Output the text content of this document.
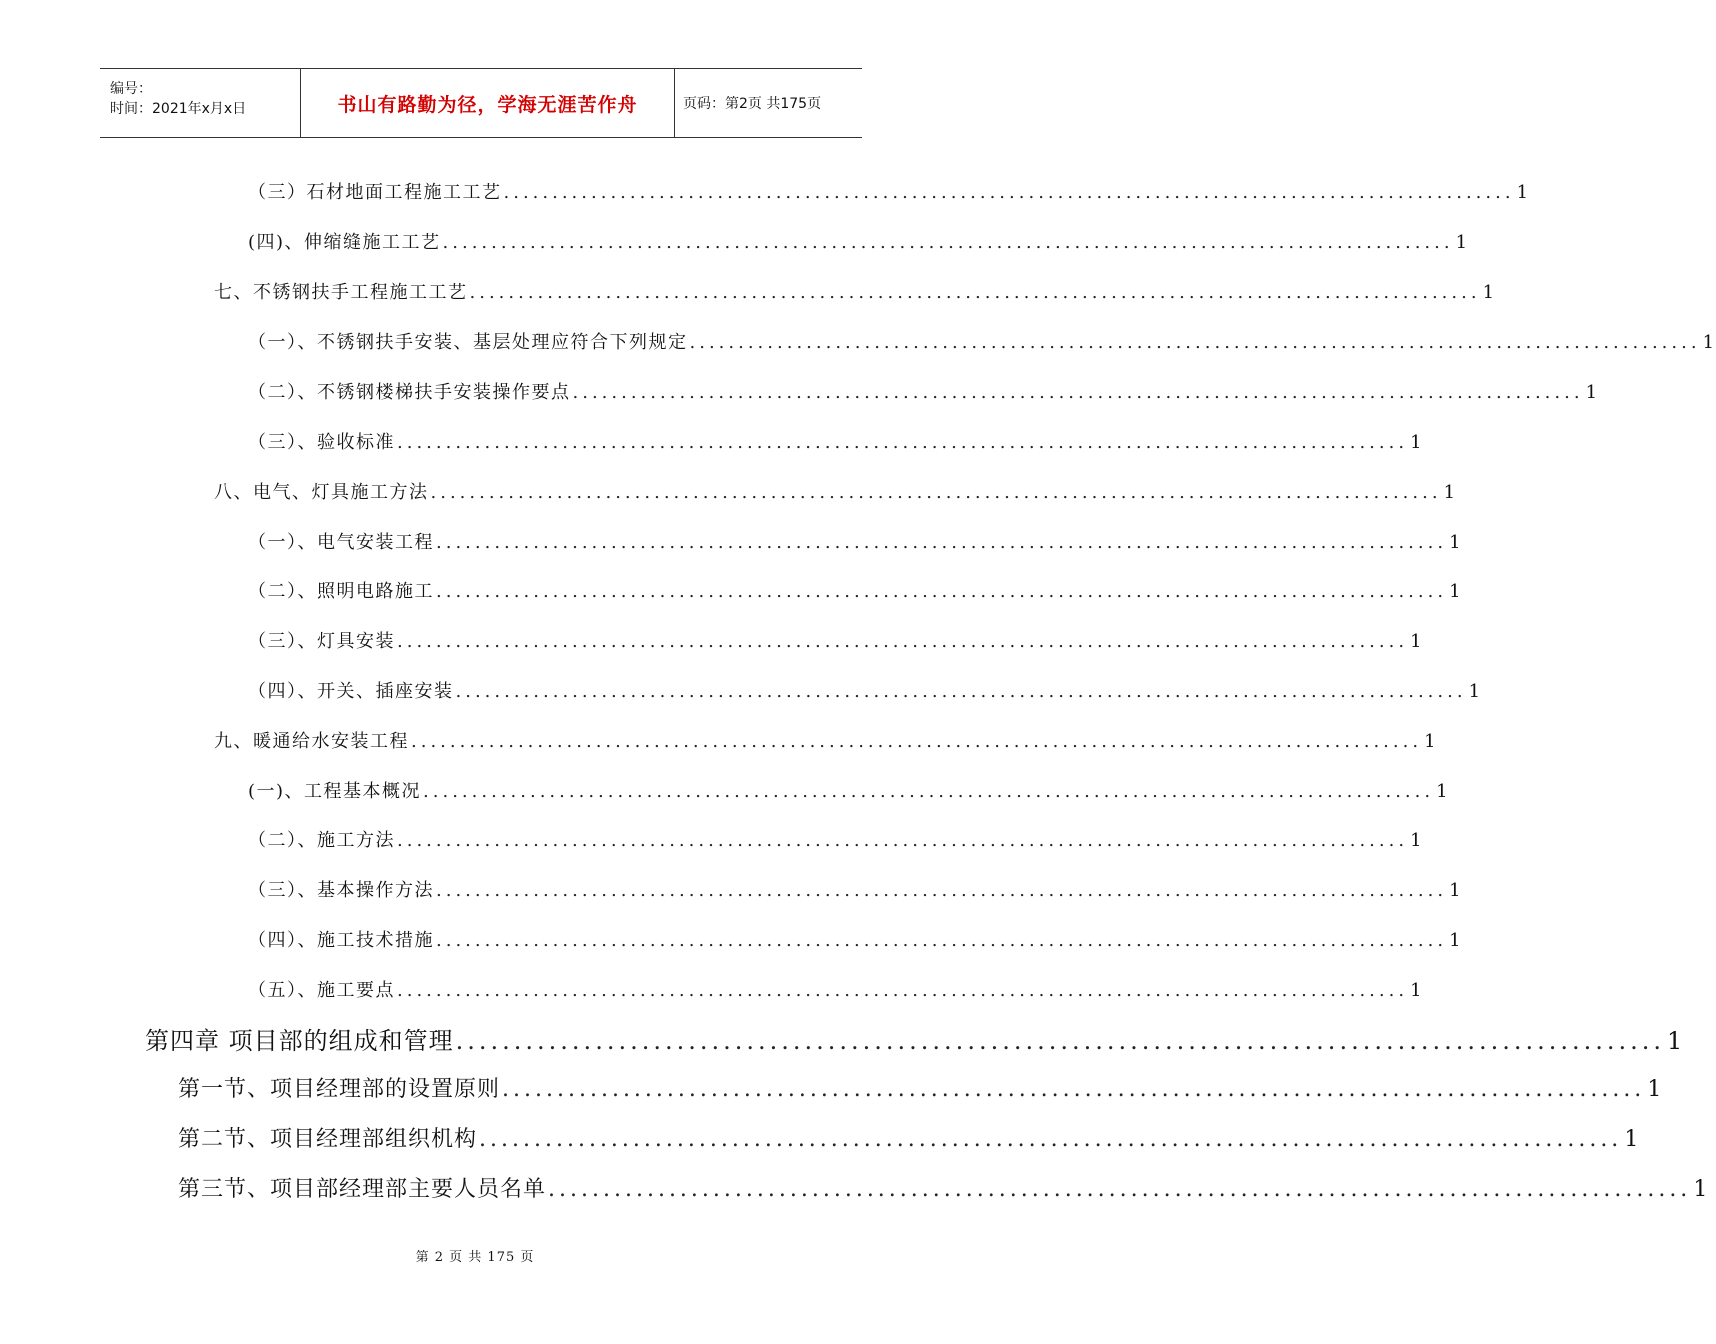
编号：
时间：2021年x月x日	书山有路勤为径，学海无涯苦作舟	页码：第2页 共175页
（三）石材地面工程施工工艺 ........................................................................................................ 1
(四)、伸缩缝施工工艺 ........................................................................................................ 1
七、不锈钢扶手工程施工工艺 ........................................................................................................ 1
（一）、不锈钢扶手安装、基层处理应符合下列规定 ........................................................................................................ 1
（二）、不锈钢楼梯扶手安装操作要点 ........................................................................................................ 1
（三）、验收标准 ........................................................................................................ 1
八、电气、灯具施工方法 ........................................................................................................ 1
（一）、电气安装工程 ........................................................................................................ 1
（二）、照明电路施工 ........................................................................................................ 1
（三）、灯具安装 ........................................................................................................ 1
（四）、开关、插座安装 ........................................................................................................ 1
九、暖通给水安装工程 ........................................................................................................ 1
(一)、工程基本概况 ........................................................................................................ 1
（二）、施工方法 ........................................................................................................ 1
（三）、基本操作方法 ........................................................................................................ 1
（四）、施工技术措施 ........................................................................................................ 1
（五）、施工要点 ........................................................................................................ 1
第四章 项目部的组成和管理 ........................................................................................................ 1
第一节、项目经理部的设置原则 ........................................................................................................ 1
第二节、项目经理部组织机构 ........................................................................................................ 1
第三节、项目部经理部主要人员名单 ........................................................................................................ 1
第 2 页 共 175 页
